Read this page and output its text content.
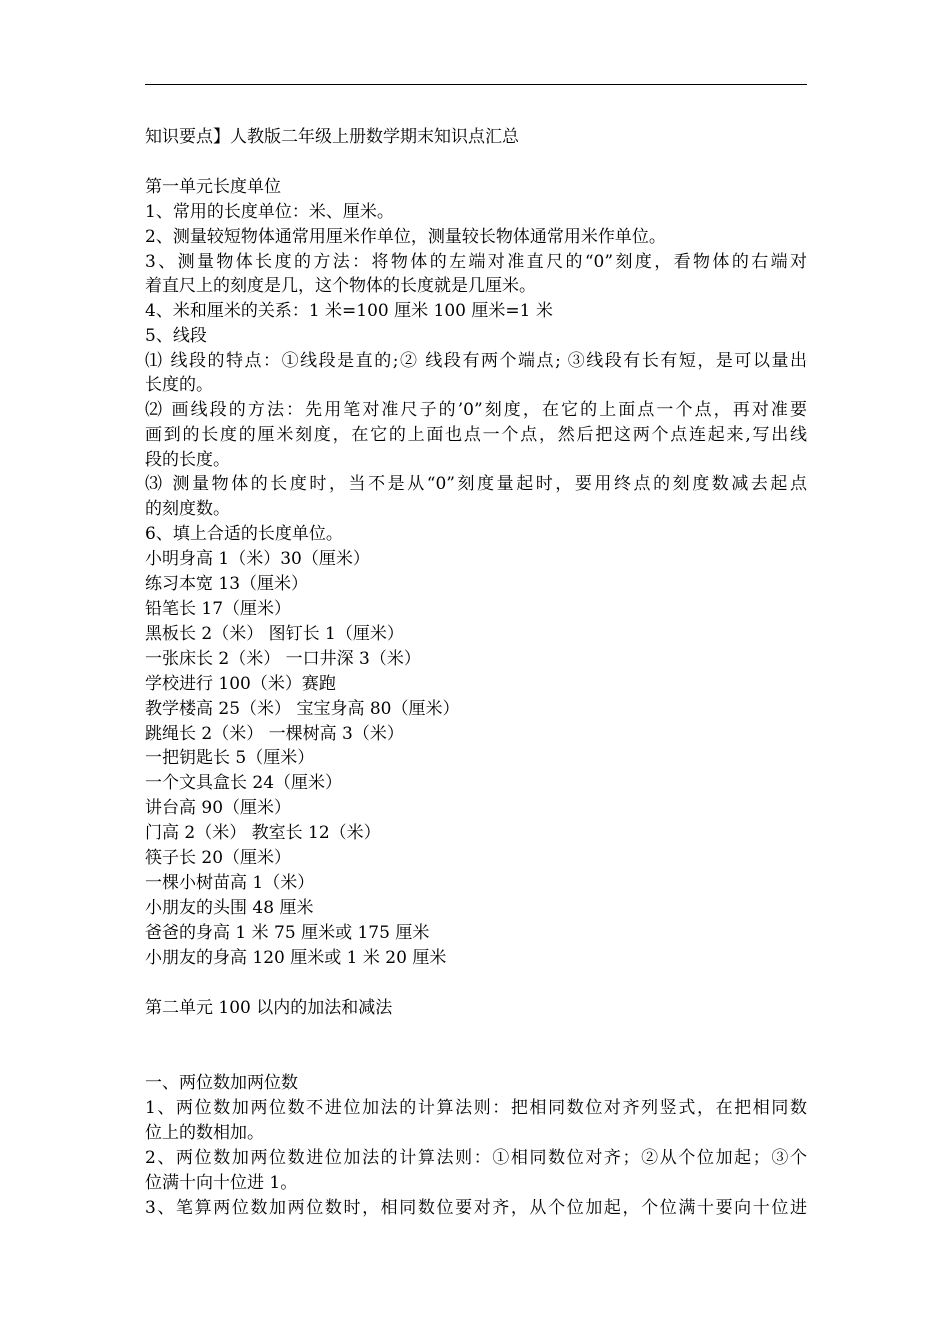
知识要点】人教版二年级上册数学期末知识点汇总
第一单元长度单位
1、常用的长度单位：米、厘米。
2、测量较短物体通常用厘米作单位，测量较长物体通常用米作单位。
3、测量物体长度的方法：将物体的左端对准直尺的“0”刻度，看物体的右端对
着直尺上的刻度是几，这个物体的长度就是几厘米。
4、米和厘米的关系：1 米=100 厘米 100 厘米=1 米
5、线段
⑴ 线段的特点：①线段是直的;② 线段有两个端点; ③线段有长有短，是可以量出
长度的。
⑵ 画线段的方法：先用笔对准尺子的’0”刻度，在它的上面点一个点，再对准要
画到的长度的厘米刻度，在它的上面也点一个点，然后把这两个点连起来,写出线
段的长度。
⑶ 测量物体的长度时，当不是从“0”刻度量起时，要用终点的刻度数减去起点
的刻度数。
6、填上合适的长度单位。
小明身高 1（米）30（厘米）
练习本宽 13（厘米）
铅笔长 17（厘米）
黑板长 2（米） 图钉长 1（厘米）
一张床长 2（米） 一口井深 3（米）
学校进行 100（米）赛跑
教学楼高 25（米） 宝宝身高 80（厘米）
跳绳长 2（米） 一棵树高 3（米）
一把钥匙长 5（厘米）
一个文具盒长 24（厘米）
讲台高 90（厘米）
门高 2（米） 教室长 12（米）
筷子长 20（厘米）
一棵小树苗高 1（米）
小朋友的头围 48 厘米
爸爸的身高 1 米 75 厘米或 175 厘米
小朋友的身高 120 厘米或 1 米 20 厘米
第二单元 100 以内的加法和减法
一、两位数加两位数
1、两位数加两位数不进位加法的计算法则：把相同数位对齐列竖式，在把相同数
位上的数相加。
2、两位数加两位数进位加法的计算法则：①相同数位对齐；②从个位加起；③个
位满十向十位进 1。
3、笔算两位数加两位数时，相同数位要对齐，从个位加起，个位满十要向十位进
